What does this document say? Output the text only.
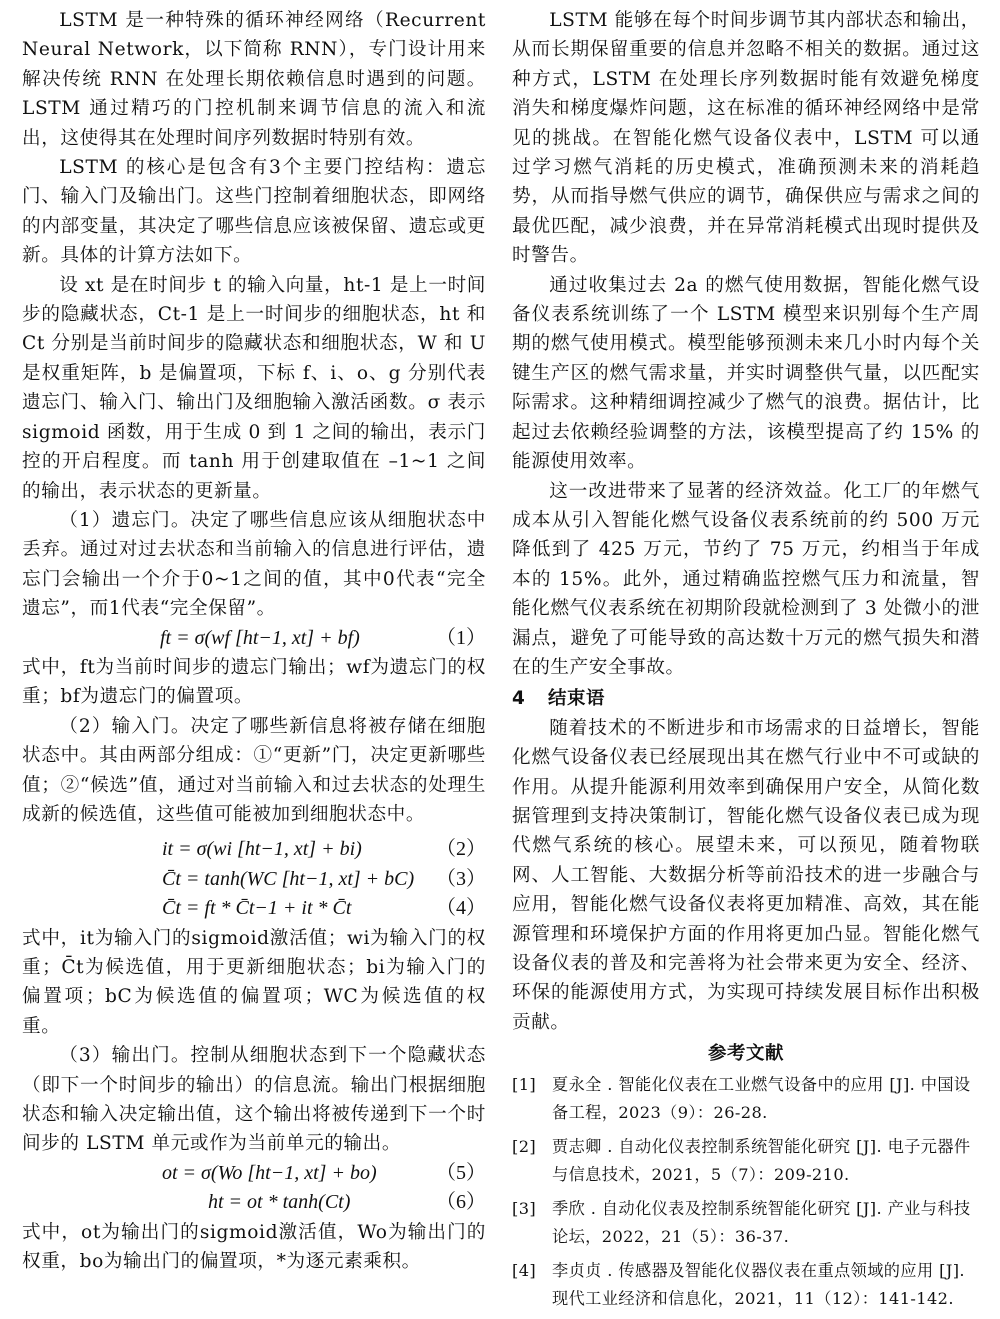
LSTM 是一种特殊的循环神经网络（Recurrent Neural Network，以下简称 RNN），专门设计用来解决传统 RNN 在处理长期依赖信息时遇到的问题。LSTM 通过精巧的门控机制来调节信息的流入和流出，这使得其在处理时间序列数据时特别有效。

LSTM 的核心是包含有3个主要门控结构：遗忘门、输入门及输出门。这些门控制着细胞状态，即网络的内部变量，其决定了哪些信息应该被保留、遗忘或更新。具体的计算方法如下。

设 xt 是在时间步 t 的输入向量，ht-1 是上一时间步的隐藏状态，Ct-1 是上一时间步的细胞状态，ht 和 Ct 分别是当前时间步的隐藏状态和细胞状态，W 和 U 是权重矩阵，b 是偏置项，下标 f、i、o、g 分别代表遗忘门、输入门、输出门及细胞输入激活函数。σ 表示 sigmoid 函数，用于生成 0 到 1 之间的输出，表示门控的开启程度。而 tanh 用于创建取值在 –1~1 之间的输出，表示状态的更新量。

（1）遗忘门。决定了哪些信息应该从细胞状态中丢弃。通过对过去状态和当前输入的信息进行评估，遗忘门会输出一个介于0~1之间的值，其中0代表“完全遗忘”，而1代表“完全保留”。

ft = σ(wf [ht−1, xt] + bf)	（1）

式中，ft为当前时间步的遗忘门输出；wf为遗忘门的权重；bf为遗忘门的偏置项。

（2）输入门。决定了哪些新信息将被存储在细胞状态中。其由两部分组成：①“更新”门，决定更新哪些值；②“候选”值，通过对当前输入和过去状态的处理生成新的候选值，这些值可能被加到细胞状态中。

it = σ(wi [ht−1, xt] + bi)	（2）
C̄t = tanh(WC [ht−1, xt] + bC) （3）
C̄t = ft * C̄t−1 + it * C̄t	（4）

式中，it为输入门的sigmoid激活值；wi为输入门的权重；C̄t为候选值，用于更新细胞状态；bi为输入门的偏置项；bC为候选值的偏置项；WC为候选值的权重。

（3）输出门。控制从细胞状态到下一个隐藏状态（即下一个时间步的输出）的信息流。输出门根据细胞状态和输入决定输出值，这个输出将被传递到下一个时间步的 LSTM 单元或作为当前单元的输出。

ot = σ(Wo [ht−1, xt] + bo)	（5）
ht = ot * tanh(Ct)	（6）

式中，ot为输出门的sigmoid激活值，Wo为输出门的权重，bo为输出门的偏置项，*为逐元素乘积。

LSTM 能够在每个时间步调节其内部状态和输出，从而长期保留重要的信息并忽略不相关的数据。通过这种方式，LSTM 在处理长序列数据时能有效避免梯度消失和梯度爆炸问题，这在标准的循环神经网络中是常见的挑战。在智能化燃气设备仪表中，LSTM 可以通过学习燃气消耗的历史模式，准确预测未来的消耗趋势，从而指导燃气供应的调节，确保供应与需求之间的最优匹配，减少浪费，并在异常消耗模式出现时提供及时警告。

通过收集过去 2a 的燃气使用数据，智能化燃气设备仪表系统训练了一个 LSTM 模型来识别每个生产周期的燃气使用模式。模型能够预测未来几小时内每个关键生产区的燃气需求量，并实时调整供气量，以匹配实际需求。这种精细调控减少了燃气的浪费。据估计，比起过去依赖经验调整的方法，该模型提高了约 15% 的能源使用效率。

这一改进带来了显著的经济效益。化工厂的年燃气成本从引入智能化燃气设备仪表系统前的约 500 万元降低到了 425 万元，节约了 75 万元，约相当于年成本的 15%。此外，通过精确监控燃气压力和流量，智能化燃气仪表系统在初期阶段就检测到了 3 处微小的泄漏点，避免了可能导致的高达数十万元的燃气损失和潜在的生产安全事故。

4 结束语

随着技术的不断进步和市场需求的日益增长，智能化燃气设备仪表已经展现出其在燃气行业中不可或缺的作用。从提升能源利用效率到确保用户安全，从简化数据管理到支持决策制订，智能化燃气设备仪表已成为现代燃气系统的核心。展望未来，可以预见，随着物联网、人工智能、大数据分析等前沿技术的进一步融合与应用，智能化燃气设备仪表将更加精准、高效，其在能源管理和环境保护方面的作用将更加凸显。智能化燃气设备仪表的普及和完善将为社会带来更为安全、经济、环保的能源使用方式，为实现可持续发展目标作出积极贡献。

参考文献
[1] 夏永全 . 智能化仪表在工业燃气设备中的应用 [J]. 中国设备工程，2023（9）：26-28.
[2] 贾志卿 . 自动化仪表控制系统智能化研究 [J]. 电子元器件与信息技术，2021，5（7）：209-210.
[3] 季欣 . 自动化仪表及控制系统智能化研究 [J]. 产业与科技论坛，2022，21（5）：36-37.
[4] 李贞贞 . 传感器及智能化仪器仪表在重点领域的应用 [J]. 现代工业经济和信息化，2021，11（12）：141-142.
